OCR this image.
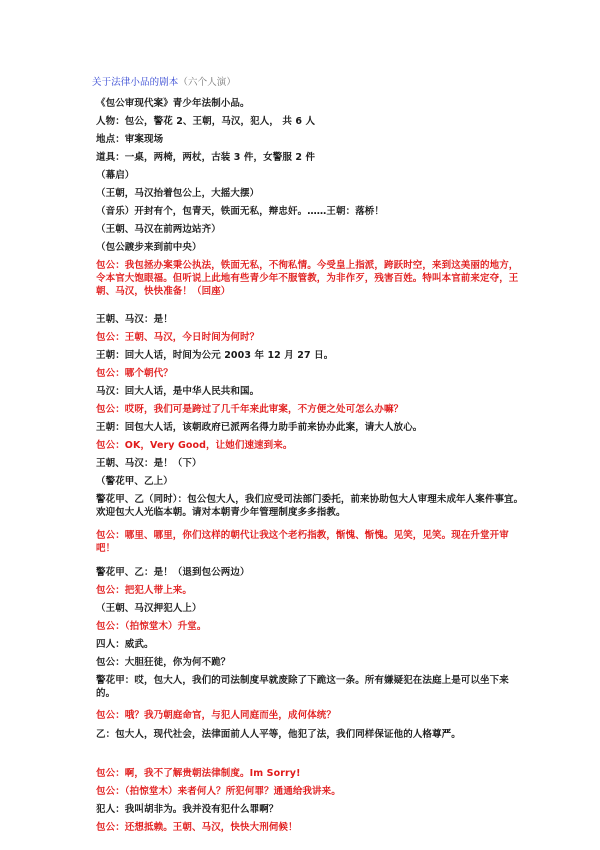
关于法律小品的剧本（六个人演）
《包公审现代案》青少年法制小品。
人物：包公，警花 2、王朝，马汉，犯人， 共 6 人
地点：审案现场
道具：一桌，两椅，两杖，古装 3 件，女警服 2 件
（幕启）
（王朝，马汉抬着包公上，大摇大摆）
（音乐）开封有个，包青天，铁面无私，辩忠奸。……王朝：落桥！
（王朝、马汉在前两边站齐）
（包公踱步来到前中央）
包公：我包拯办案秉公执法，铁面无私，不徇私情。今受皇上指派，跨跃时空，来到这美丽的地方，令本官大饱眼福。但听说上此地有些青少年不服管教，为非作歹，残害百姓。特叫本官前来定夺，王朝、马汉，快快准备！（回座）
王朝、马汉：是！
包公：王朝、马汉，今日时间为何时？
王朝：回大人话，时间为公元 2003 年 12 月 27 日。
包公：哪个朝代？
马汉：回大人话，是中华人民共和国。
包公：哎呀，我们可是跨过了几千年来此审案，不方便之处可怎么办嘛？
王朝：回包大人话，该朝政府已派两名得力助手前来协办此案，请大人放心。
包公：OK，Very Good，让她们速速到来。
王朝、马汉：是！（下）
（警花甲、乙上）
警花甲、乙（同时）：包公包大人，我们应受司法部门委托，前来协助包大人审理未成年人案件事宜。欢迎包大人光临本朝。请对本朝青少年管理制度多多指教。
包公：哪里、哪里，你们这样的朝代让我这个老朽指教，惭愧、惭愧。见笑，见笑。现在升堂开审吧！
警花甲、乙：是！（退到包公两边）
包公：把犯人带上来。
（王朝、马汉押犯人上）
包公：（拍惊堂木）升堂。
四人：威武。
包公：大胆狂徒，你为何不跪？
警花甲：哎，包大人，我们的司法制度早就废除了下跪这一条。所有嫌疑犯在法庭上是可以坐下来的。
包公：哦？我乃朝庭命官，与犯人同庭而坐，成何体统？
乙：包大人，现代社会，法律面前人人平等，他犯了法，我们同样保证他的人格尊严。
包公：啊，我不了解贵朝法律制度。Im Sorry!
包公：（拍惊堂木）来者何人？所犯何罪？通通给我讲来。
犯人：我叫胡非为。我并没有犯什么罪啊？
包公：还想抵赖。王朝、马汉，快快大刑伺候！
